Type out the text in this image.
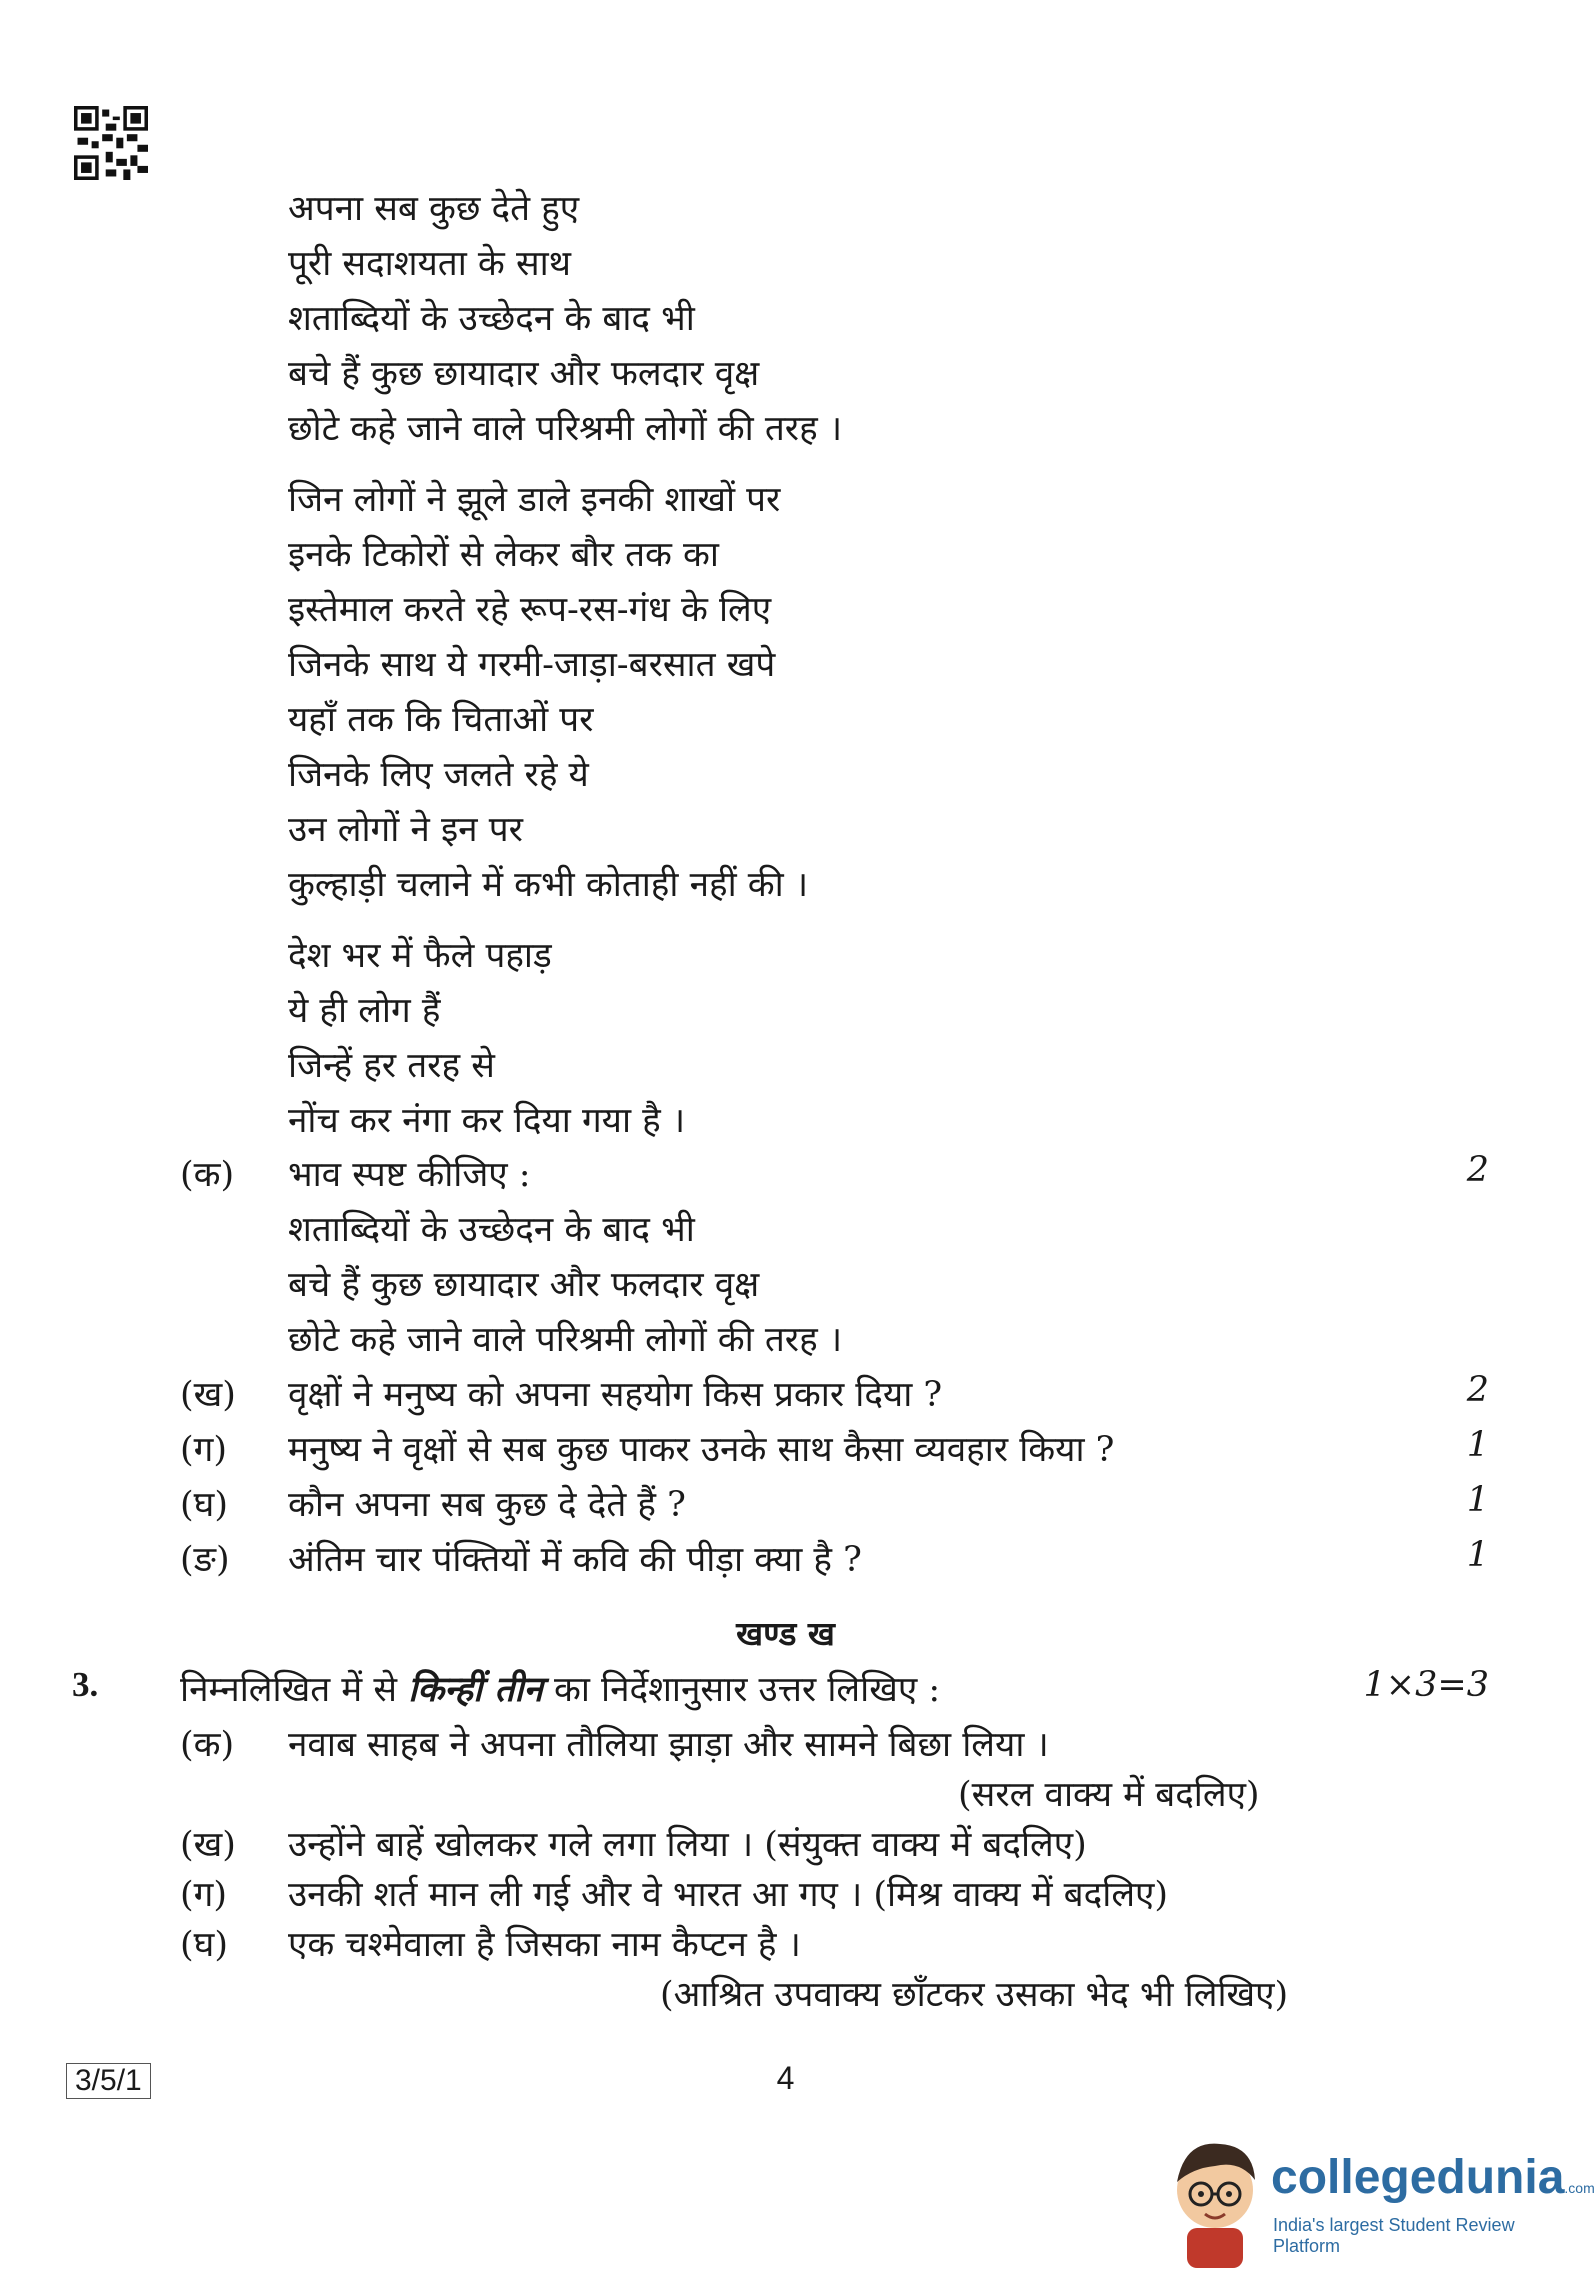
अपना सब कुछ देते हुए
पूरी सदाशयता के साथ
शताब्दियों के उच्छेदन के बाद भी
बचे हैं कुछ छायादार और फलदार वृक्ष
छोटे कहे जाने वाले परिश्रमी लोगों की तरह ।
जिन लोगों ने झूले डाले इनकी शाखों पर
इनके टिकोरों से लेकर बौर तक का
इस्तेमाल करते रहे रूप-रस-गंध के लिए
जिनके साथ ये गरमी-जाड़ा-बरसात खपे
यहाँ तक कि चिताओं पर
जिनके लिए जलते रहे ये
उन लोगों ने इन पर
कुल्हाड़ी चलाने में कभी कोताही नहीं की ।
देश भर में फैले पहाड़
ये ही लोग हैं
जिन्हें हर तरह से
नोंच कर नंगा कर दिया गया है ।
(क) भाव स्पष्ट कीजिए :	2
शताब्दियों के उच्छेदन के बाद भी
बचे हैं कुछ छायादार और फलदार वृक्ष
छोटे कहे जाने वाले परिश्रमी लोगों की तरह ।
(ख) वृक्षों ने मनुष्य को अपना सहयोग किस प्रकार दिया ?	2
(ग) मनुष्य ने वृक्षों से सब कुछ पाकर उनके साथ कैसा व्यवहार किया ?	1
(घ) कौन अपना सब कुछ दे देते हैं ?	1
(ङ) अंतिम चार पंक्तियों में कवि की पीड़ा क्या है ?	1
खण्ड ख
3. निम्नलिखित में से किन्हीं तीन का निर्देशानुसार उत्तर लिखिए :	1×3=3
(क) नवाब साहब ने अपना तौलिया झाड़ा और सामने बिछा लिया ।
(सरल वाक्य में बदलिए)
(ख) उन्होंने बाहें खोलकर गले लगा लिया । (संयुक्त वाक्य में बदलिए)
(ग) उनकी शर्त मान ली गई और वे भारत आ गए । (मिश्र वाक्य में बदलिए)
(घ) एक चश्मेवाला है जिसका नाम कैप्टन है ।
(आश्रित उपवाक्य छाँटकर उसका भेद भी लिखिए)
3/5/1	4
collegedunia.com
India's largest Student Review Platform
